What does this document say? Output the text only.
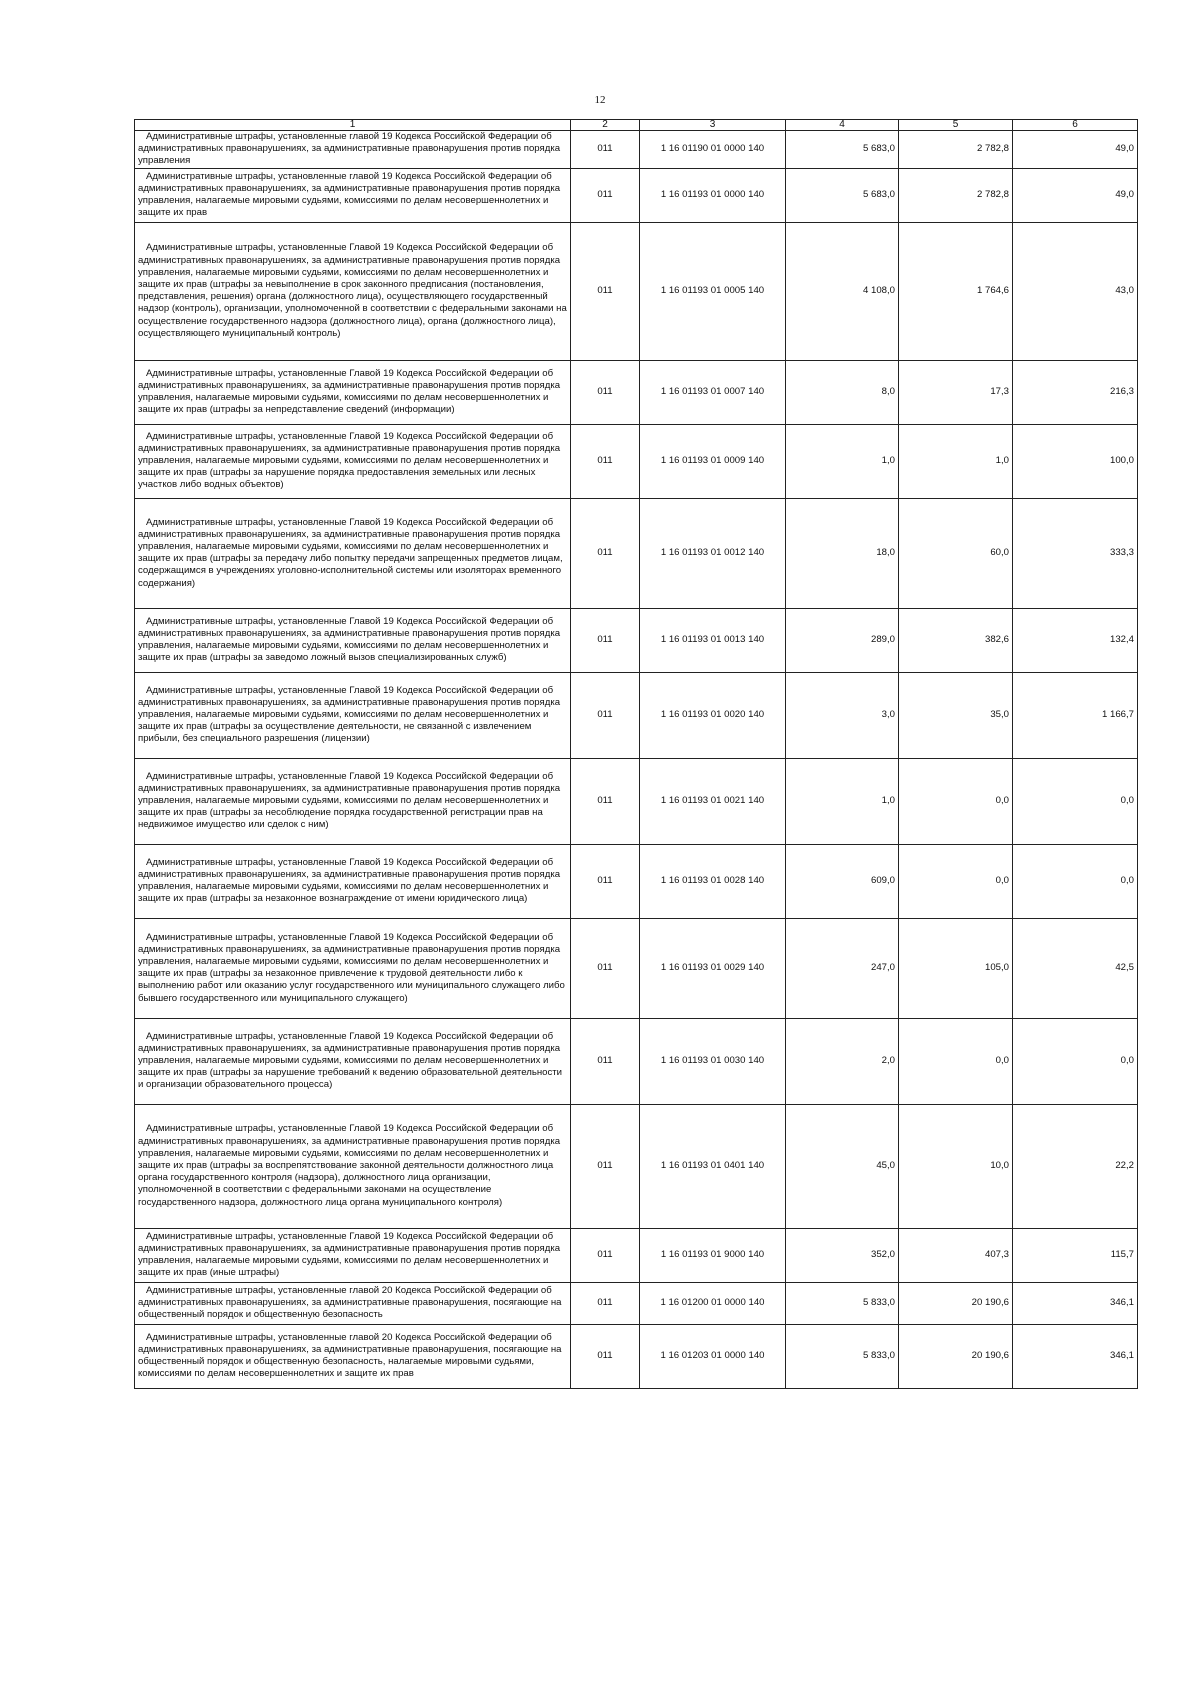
12
1	2	3	4	5	6
Административные штрафы, установленные главой 19 Кодекса Российской Федерации об административных правонарушениях, за административные правонарушения против порядка управления	011	1 16 01190 01 0000 140	5 683,0	2 782,8	49,0
Административные штрафы, установленные главой 19 Кодекса Российской Федерации об административных правонарушениях, за административные правонарушения против порядка управления, налагаемые мировыми судьями, комиссиями по делам несовершеннолетних и защите их прав	011	1 16 01193 01 0000 140	5 683,0	2 782,8	49,0
Административные штрафы, установленные Главой 19 Кодекса Российской Федерации об административных правонарушениях, за административные правонарушения против порядка управления, налагаемые мировыми судьями, комиссиями по делам несовершеннолетних и защите их прав (штрафы за невыполнение в срок законного предписания (постановления, представления, решения) органа (должностного лица), осуществляющего государственный надзор (контроль), организации, уполномоченной в соответствии с федеральными законами на осуществление государственного надзора (должностного лица), органа (должностного лица), осуществляющего муниципальный контроль)	011	1 16 01193 01 0005 140	4 108,0	1 764,6	43,0
Административные штрафы, установленные Главой 19 Кодекса Российской Федерации об административных правонарушениях, за административные правонарушения против порядка управления, налагаемые мировыми судьями, комиссиями по делам несовершеннолетних и защите их прав (штрафы за непредставление сведений (информации)	011	1 16 01193 01 0007 140	8,0	17,3	216,3
Административные штрафы, установленные Главой 19 Кодекса Российской Федерации об административных правонарушениях, за административные правонарушения против порядка управления, налагаемые мировыми судьями, комиссиями по делам несовершеннолетних и защите их прав (штрафы за нарушение порядка предоставления земельных или лесных участков либо водных объектов)	011	1 16 01193 01 0009 140	1,0	1,0	100,0
Административные штрафы, установленные Главой 19 Кодекса Российской Федерации об административных правонарушениях, за административные правонарушения против порядка управления, налагаемые мировыми судьями, комиссиями по делам несовершеннолетних и защите их прав (штрафы за передачу либо попытку передачи запрещенных предметов лицам, содержащимся в учреждениях уголовно-исполнительной системы или изоляторах временного содержания)	011	1 16 01193 01 0012 140	18,0	60,0	333,3
Административные штрафы, установленные Главой 19 Кодекса Российской Федерации об административных правонарушениях, за административные правонарушения против порядка управления, налагаемые мировыми судьями, комиссиями по делам несовершеннолетних и защите их прав (штрафы за заведомо ложный вызов специализированных служб)	011	1 16 01193 01 0013 140	289,0	382,6	132,4
Административные штрафы, установленные Главой 19 Кодекса Российской Федерации об административных правонарушениях, за административные правонарушения против порядка управления, налагаемые мировыми судьями, комиссиями по делам несовершеннолетних и защите их прав (штрафы за осуществление деятельности, не связанной с извлечением прибыли, без специального разрешения (лицензии)	011	1 16 01193 01 0020 140	3,0	35,0	1 166,7
Административные штрафы, установленные Главой 19 Кодекса Российской Федерации об административных правонарушениях, за административные правонарушения против порядка управления, налагаемые мировыми судьями, комиссиями по делам несовершеннолетних и защите их прав (штрафы за несоблюдение порядка государственной регистрации прав на недвижимое имущество или сделок с ним)	011	1 16 01193 01 0021 140	1,0	0,0	0,0
Административные штрафы, установленные Главой 19 Кодекса Российской Федерации об административных правонарушениях, за административные правонарушения против порядка управления, налагаемые мировыми судьями, комиссиями по делам несовершеннолетних и защите их прав (штрафы за незаконное вознаграждение от имени юридического лица)	011	1 16 01193 01 0028 140	609,0	0,0	0,0
Административные штрафы, установленные Главой 19 Кодекса Российской Федерации об административных правонарушениях, за административные правонарушения против порядка управления, налагаемые мировыми судьями, комиссиями по делам несовершеннолетних и защите их прав (штрафы за незаконное привлечение к трудовой деятельности либо к выполнению работ или оказанию услуг государственного или муниципального служащего либо бывшего государственного или муниципального служащего)	011	1 16 01193 01 0029 140	247,0	105,0	42,5
Административные штрафы, установленные Главой 19 Кодекса Российской Федерации об административных правонарушениях, за административные правонарушения против порядка управления, налагаемые мировыми судьями, комиссиями по делам несовершеннолетних и защите их прав (штрафы за нарушение требований к ведению образовательной деятельности и организации образовательного процесса)	011	1 16 01193 01 0030 140	2,0	0,0	0,0
Административные штрафы, установленные Главой 19 Кодекса Российской Федерации об административных правонарушениях, за административные правонарушения против порядка управления, налагаемые мировыми судьями, комиссиями по делам несовершеннолетних и защите их прав (штрафы за воспрепятствование законной деятельности должностного лица органа государственного контроля (надзора), должностного лица организации, уполномоченной в соответствии с федеральными законами на осуществление государственного надзора, должностного лица органа муниципального контроля)	011	1 16 01193 01 0401 140	45,0	10,0	22,2
Административные штрафы, установленные Главой 19 Кодекса Российской Федерации об административных правонарушениях, за административные правонарушения против порядка управления, налагаемые мировыми судьями, комиссиями по делам несовершеннолетних и защите их прав (иные штрафы)	011	1 16 01193 01 9000 140	352,0	407,3	115,7
Административные штрафы, установленные главой 20 Кодекса Российской Федерации об административных правонарушениях, за административные правонарушения, посягающие на общественный порядок и общественную безопасность	011	1 16 01200 01 0000 140	5 833,0	20 190,6	346,1
Административные штрафы, установленные главой 20 Кодекса Российской Федерации об административных правонарушениях, за административные правонарушения, посягающие на общественный порядок и общественную безопасность, налагаемые мировыми судьями, комиссиями по делам несовершеннолетних и защите их прав	011	1 16 01203 01 0000 140	5 833,0	20 190,6	346,1
